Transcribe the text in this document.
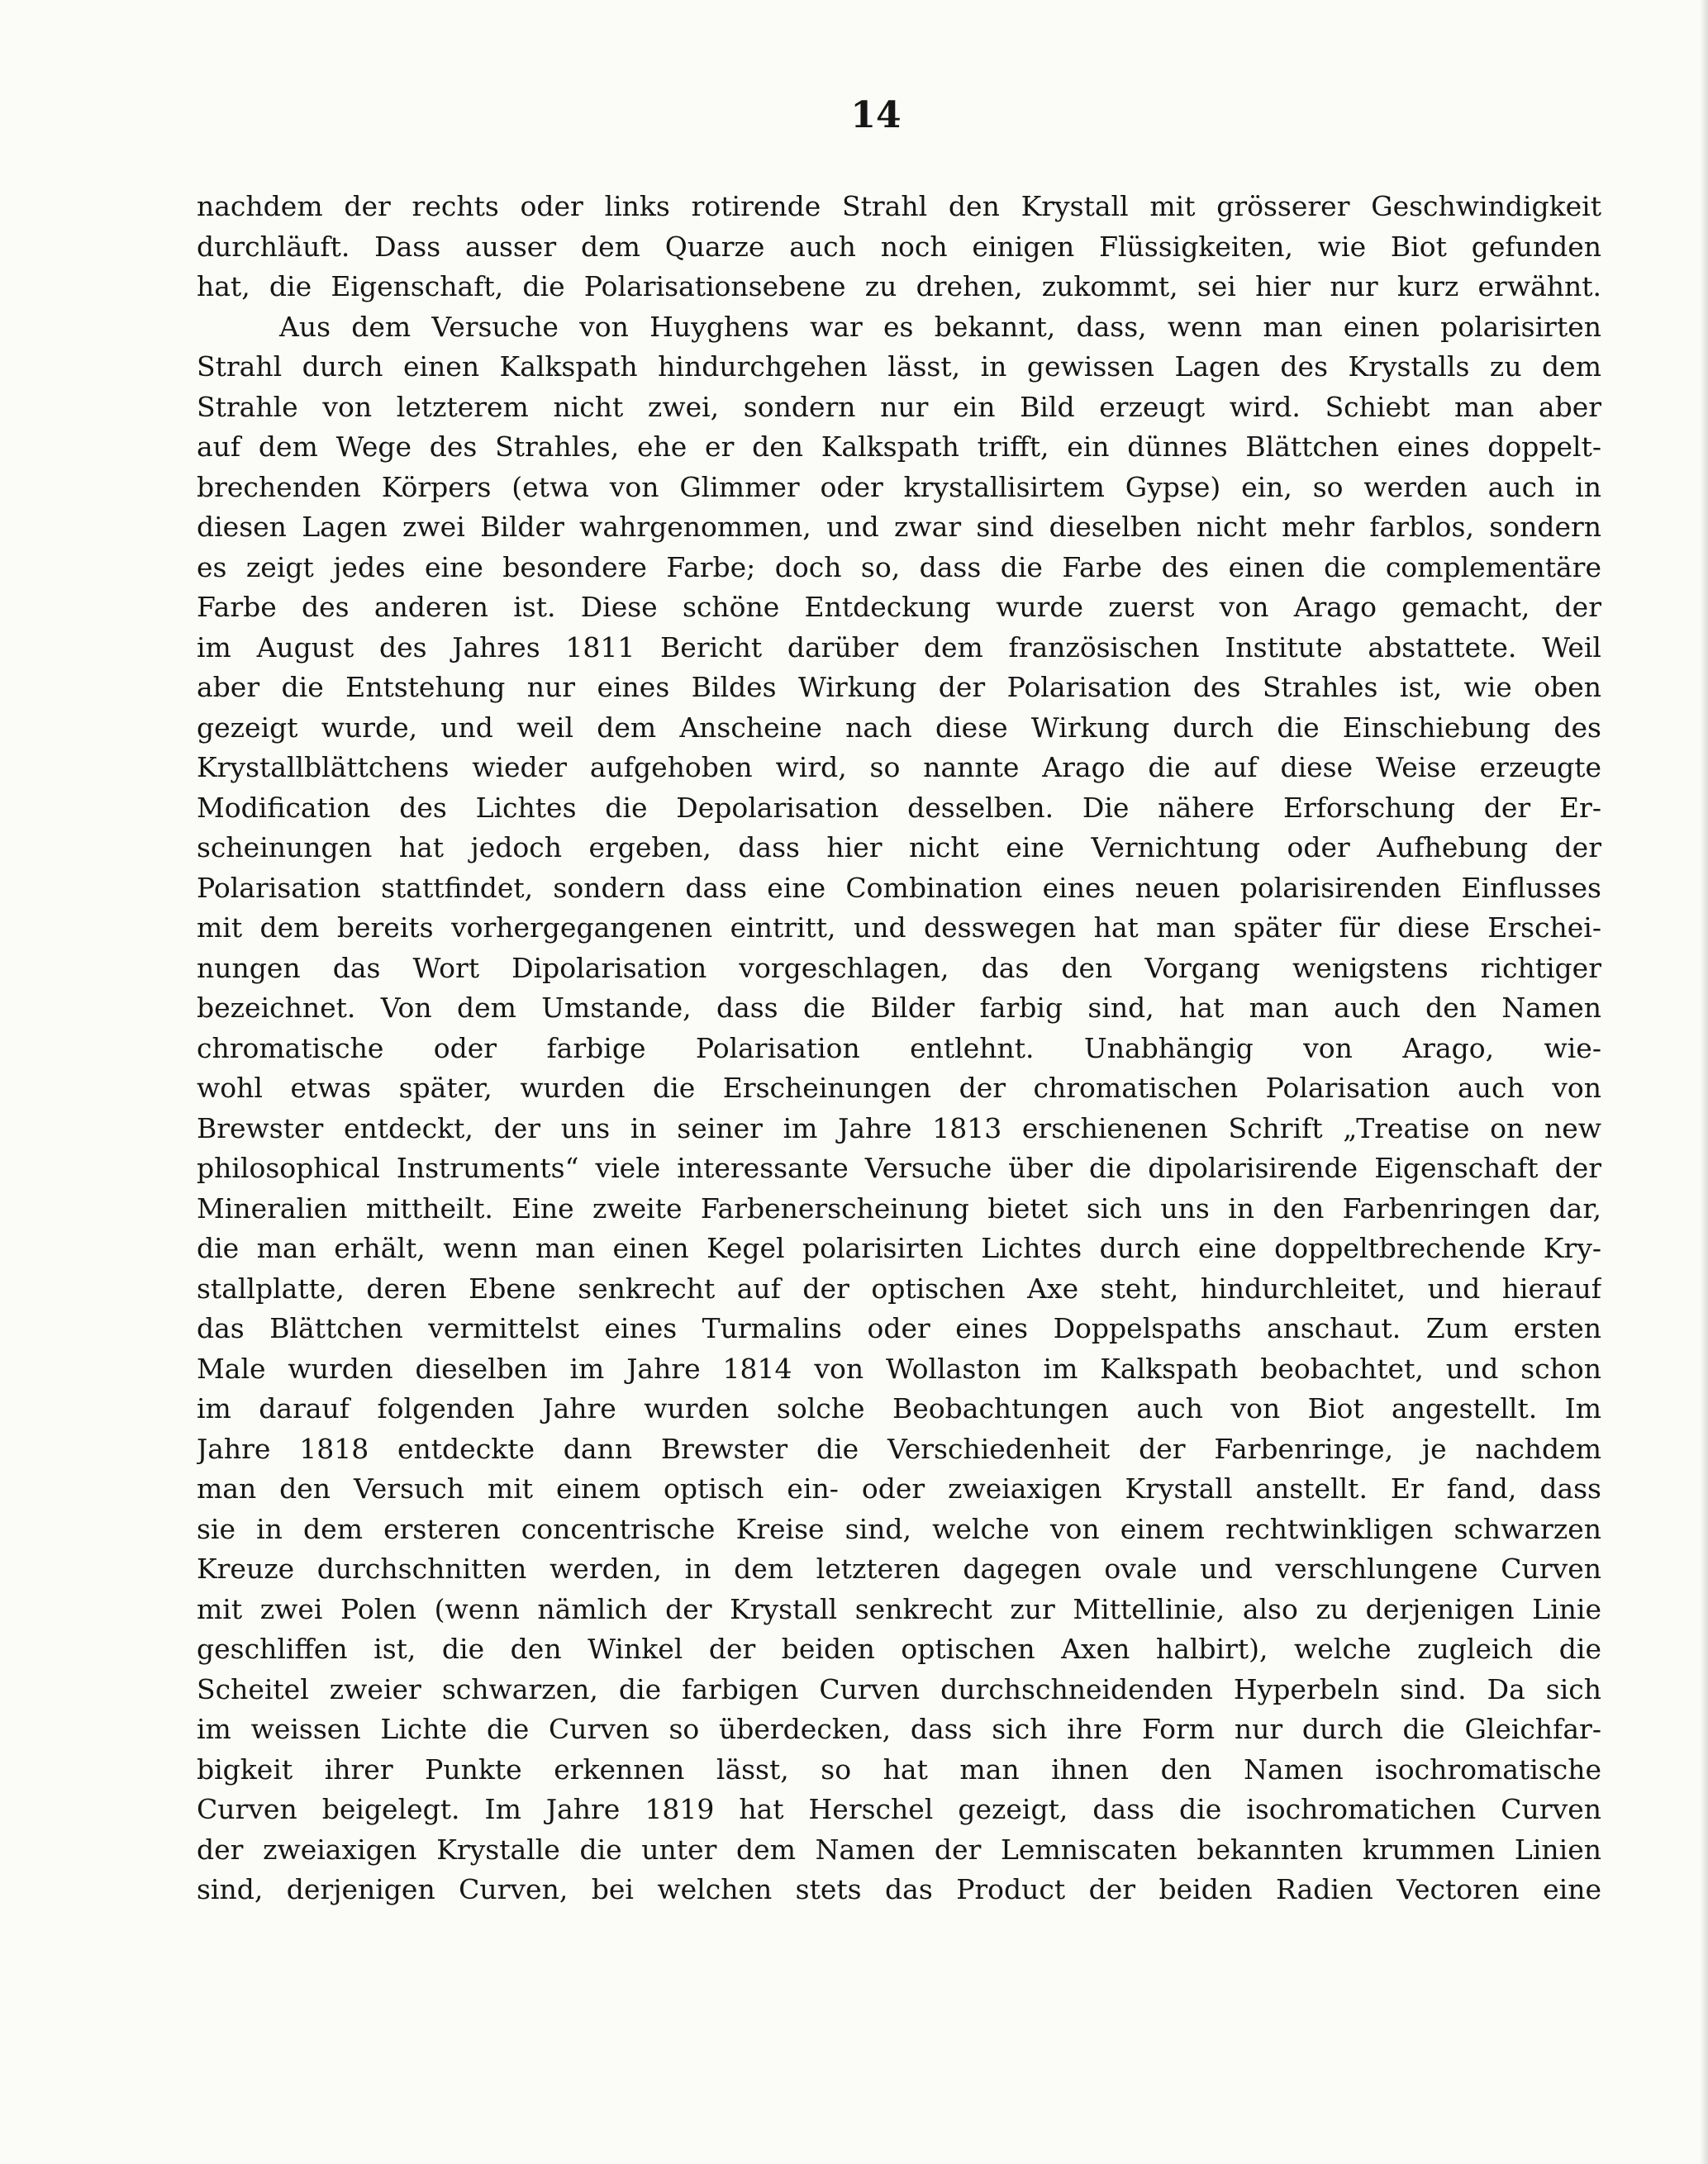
14
nachdem der rechts oder links rotirende Strahl den Krystall mit grösserer Geschwindigkeit
durchläuft. Dass ausser dem Quarze auch noch einigen Flüssigkeiten, wie Biot gefunden
hat, die Eigenschaft, die Polarisationsebene zu drehen, zukommt, sei hier nur kurz erwähnt.
Aus dem Versuche von Huyghens war es bekannt, dass, wenn man einen polarisirten
Strahl durch einen Kalkspath hindurchgehen lässt, in gewissen Lagen des Krystalls zu dem
Strahle von letzterem nicht zwei, sondern nur ein Bild erzeugt wird. Schiebt man aber
auf dem Wege des Strahles, ehe er den Kalkspath trifft, ein dünnes Blättchen eines doppelt-
brechenden Körpers (etwa von Glimmer oder krystallisirtem Gypse) ein, so werden auch in
diesen Lagen zwei Bilder wahrgenommen, und zwar sind dieselben nicht mehr farblos, sondern
es zeigt jedes eine besondere Farbe; doch so, dass die Farbe des einen die complementäre
Farbe des anderen ist. Diese schöne Entdeckung wurde zuerst von Arago gemacht, der
im August des Jahres 1811 Bericht darüber dem französischen Institute abstattete. Weil
aber die Entstehung nur eines Bildes Wirkung der Polarisation des Strahles ist, wie oben
gezeigt wurde, und weil dem Anscheine nach diese Wirkung durch die Einschiebung des
Krystallblättchens wieder aufgehoben wird, so nannte Arago die auf diese Weise erzeugte
Modification des Lichtes die Depolarisation desselben. Die nähere Erforschung der Er-
scheinungen hat jedoch ergeben, dass hier nicht eine Vernichtung oder Aufhebung der
Polarisation stattfindet, sondern dass eine Combination eines neuen polarisirenden Einflusses
mit dem bereits vorhergegangenen eintritt, und desswegen hat man später für diese Erschei-
nungen das Wort Dipolarisation vorgeschlagen, das den Vorgang wenigstens richtiger
bezeichnet. Von dem Umstande, dass die Bilder farbig sind, hat man auch den Namen
chromatische oder farbige Polarisation entlehnt. Unabhängig von Arago, wie-
wohl etwas später, wurden die Erscheinungen der chromatischen Polarisation auch von
Brewster entdeckt, der uns in seiner im Jahre 1813 erschienenen Schrift „Treatise on new
philosophical Instruments“ viele interessante Versuche über die dipolarisirende Eigenschaft der
Mineralien mittheilt. Eine zweite Farbenerscheinung bietet sich uns in den Farbenringen dar,
die man erhält, wenn man einen Kegel polarisirten Lichtes durch eine doppeltbrechende Kry-
stallplatte, deren Ebene senkrecht auf der optischen Axe steht, hindurchleitet, und hierauf
das Blättchen vermittelst eines Turmalins oder eines Doppelspaths anschaut. Zum ersten
Male wurden dieselben im Jahre 1814 von Wollaston im Kalkspath beobachtet, und schon
im darauf folgenden Jahre wurden solche Beobachtungen auch von Biot angestellt. Im
Jahre 1818 entdeckte dann Brewster die Verschiedenheit der Farbenringe, je nachdem
man den Versuch mit einem optisch ein- oder zweiaxigen Krystall anstellt. Er fand, dass
sie in dem ersteren concentrische Kreise sind, welche von einem rechtwinkligen schwarzen
Kreuze durchschnitten werden, in dem letzteren dagegen ovale und verschlungene Curven
mit zwei Polen (wenn nämlich der Krystall senkrecht zur Mittellinie, also zu derjenigen Linie
geschliffen ist, die den Winkel der beiden optischen Axen halbirt), welche zugleich die
Scheitel zweier schwarzen, die farbigen Curven durchschneidenden Hyperbeln sind. Da sich
im weissen Lichte die Curven so überdecken, dass sich ihre Form nur durch die Gleichfar-
bigkeit ihrer Punkte erkennen lässt, so hat man ihnen den Namen isochromatische
Curven beigelegt. Im Jahre 1819 hat Herschel gezeigt, dass die isochromatichen Curven
der zweiaxigen Krystalle die unter dem Namen der Lemniscaten bekannten krummen Linien
sind, derjenigen Curven, bei welchen stets das Product der beiden Radien Vectoren eine
